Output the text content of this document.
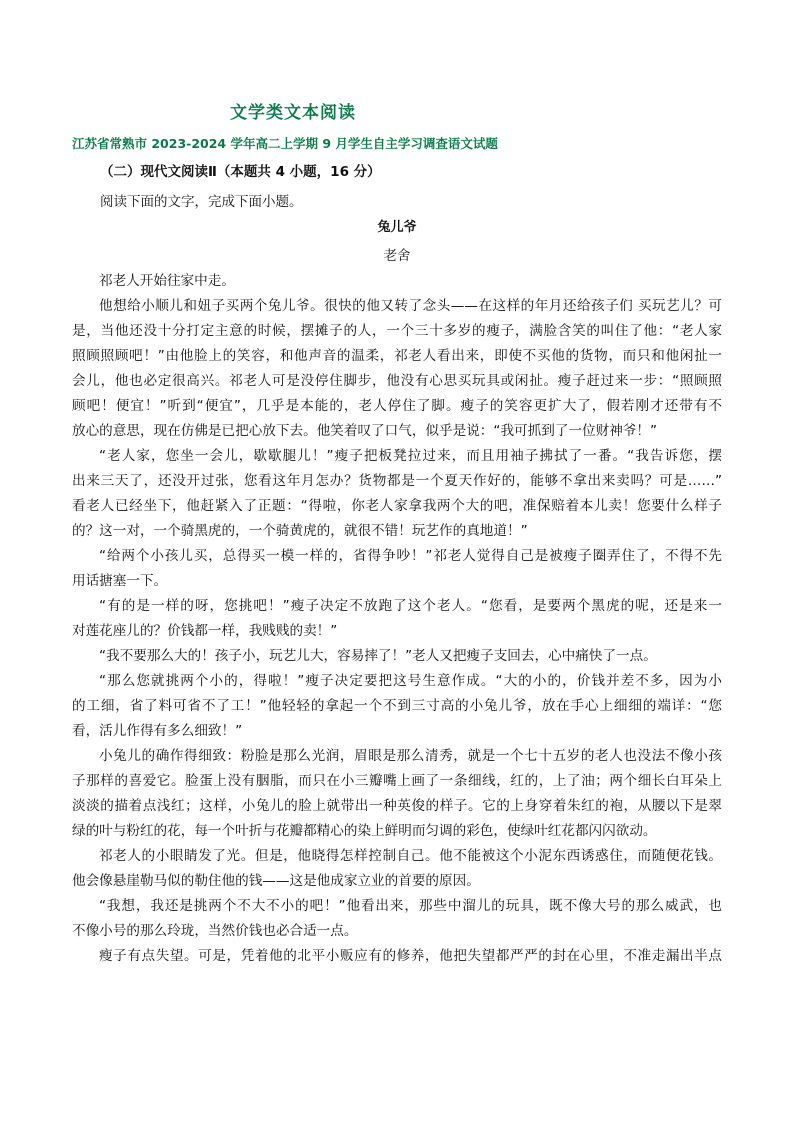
文学类文本阅读
江苏省常熟市 2023-2024 学年高二上学期 9 月学生自主学习调查语文试题
（二）现代文阅读Ⅱ（本题共 4 小题，16 分）
阅读下面的文字，完成下面小题。
兔儿爷
老舍
祁老人开始往家中走。
他想给小顺儿和妞子买两个兔儿爷。很快的他又转了念头——在这样的年月还给孩子们 买玩艺儿？可
是，当他还没十分打定主意的时候，摆摊子的人，一个三十多岁的瘦子，满脸含笑的叫住了他：“老人家
照顾照顾吧！”由他脸上的笑容，和他声音的温柔，祁老人看出来，即使不买他的货物，而只和他闲扯一
会儿，他也必定很高兴。祁老人可是没停住脚步，他没有心思买玩具或闲扯。瘦子赶过来一步：“照顾照
顾吧！便宜！”听到“便宜”，几乎是本能的，老人停住了脚。瘦子的笑容更扩大了，假若刚才还带有不
放心的意思，现在仿佛是已把心放下去。他笑着叹了口气，似乎是说：“我可抓到了一位财神爷！”
“老人家，您坐一会儿，歇歇腿儿！”瘦子把板凳拉过来，而且用袖子拂拭了一番。“我告诉您，摆
出来三天了，还没开过张，您看这年月怎办？货物都是一个夏天作好的，能够不拿出来卖吗？可是……”
看老人已经坐下，他赶紧入了正题：“得啦，你老人家拿我两个大的吧，准保赔着本儿卖！您要什么样子
的？这一对，一个骑黑虎的，一个骑黄虎的，就很不错！玩艺作的真地道！”
“给两个小孩儿买，总得买一模一样的，省得争吵！”祁老人觉得自己是被瘦子圈弄住了，不得不先
用话搪塞一下。
“有的是一样的呀，您挑吧！”瘦子决定不放跑了这个老人。“您看，是要两个黑虎的呢，还是来一
对莲花座儿的？价钱都一样，我贱贱的卖！”
“我不要那么大的！孩子小，玩艺儿大，容易摔了！”老人又把瘦子支回去，心中痛快了一点。
“那么您就挑两个小的，得啦！”瘦子决定要把这号生意作成。“大的小的，价钱并差不多，因为小
的工细，省了料可省不了工！”他轻轻的拿起一个不到三寸高的小兔儿爷，放在手心上细细的端详：“您
看，活儿作得有多么细致！”
小兔儿的确作得细致：粉脸是那么光润，眉眼是那么清秀，就是一个七十五岁的老人也没法不像小孩
子那样的喜爱它。脸蛋上没有胭脂，而只在小三瓣嘴上画了一条细线，红的，上了油；两个细长白耳朵上
淡淡的描着点浅红；这样，小兔儿的脸上就带出一种英俊的样子。它的上身穿着朱红的袍，从腰以下是翠
绿的叶与粉红的花，每一个叶折与花瓣都精心的染上鲜明而匀调的彩色，使绿叶红花都闪闪欲动。
祁老人的小眼睛发了光。但是，他晓得怎样控制自己。他不能被这个小泥东西诱惑住，而随便花钱。
他会像悬崖勒马似的勒住他的钱——这是他成家立业的首要的原因。
“我想，我还是挑两个不大不小的吧！”他看出来，那些中溜儿的玩具，既不像大号的那么威武，也
不像小号的那么玲珑，当然价钱也必合适一点。
瘦子有点失望。可是，凭着他的北平小贩应有的修养，他把失望都严严的封在心里，不准走漏出半点
